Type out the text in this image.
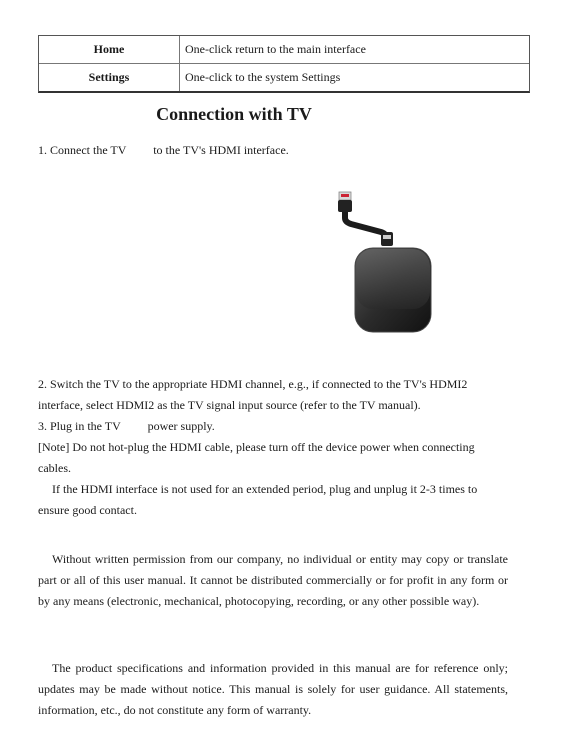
Home	One-click return to the main interface
Settings	One-click to the system Settings
Connection with TV
1. Connect the TV         to the TV's HDMI interface.

2. Switch the TV to the appropriate HDMI channel, e.g., if connected to the TV's HDMI2 interface, select HDMI2 as the TV signal input source (refer to the TV manual).

3. Plug in the TV         power supply.

[Note] Do not hot-plug the HDMI cable, please turn off the device power when connecting cables.

If the HDMI interface is not used for an extended period, plug and unplug it 2-3 times to ensure good contact.

Without written permission from our company, no individual or entity may copy or translate part or all of this user manual. It cannot be distributed commercially or for profit in any form or by any means (electronic, mechanical, photocopying, recording, or any other possible way).

The product specifications and information provided in this manual are for reference only; updates may be made without notice. This manual is solely for user guidance. All statements, information, etc., do not constitute any form of warranty.
